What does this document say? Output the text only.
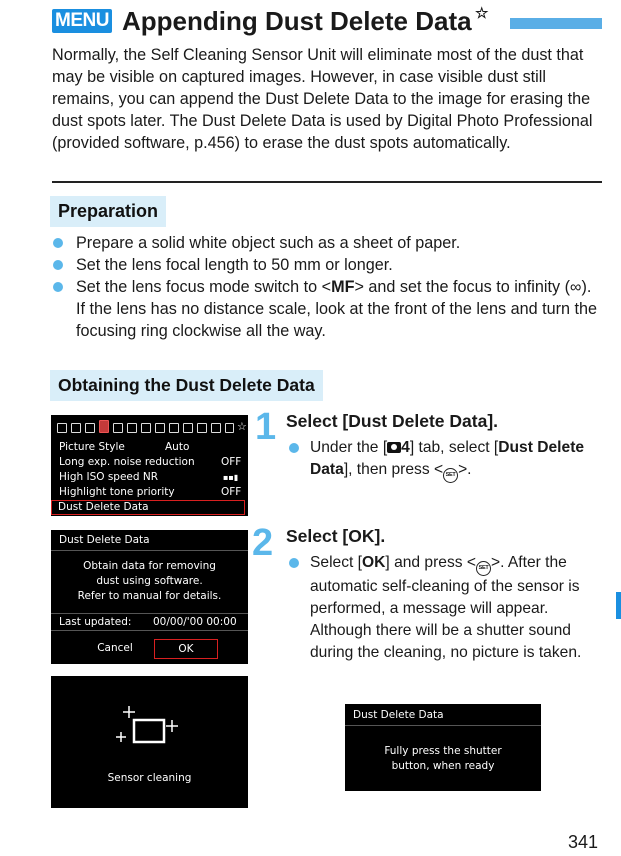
MENU Appending Dust Delete Data ☆

Normally, the Self Cleaning Sensor Unit will eliminate most of the dust that may be visible on captured images. However, in case visible dust still remains, you can append the Dust Delete Data to the image for erasing the dust spots later. The Dust Delete Data is used by Digital Photo Professional (provided software, p.456) to erase the dust spots automatically.

Preparation
Prepare a solid white object such as a sheet of paper.
Set the lens focal length to 50 mm or longer.
Set the lens focus mode switch to <MF> and set the focus to infinity (∞). If the lens has no distance scale, look at the front of the lens and turn the focusing ring clockwise all the way.
Obtaining the Dust Delete Data
☆
Picture Style	Auto
Long exp. noise reduction	OFF
High ISO speed NR	▪▪▮
Highlight tone priority	OFF
Dust Delete Data
1 Select [Dust Delete Data].
Under the [ 4] tab, select [Dust Delete Data], then press < SET >.
Dust Delete Data
Obtain data for removing
dust using software.
Refer to manual for details.
Last updated: 00/00/'00 00:00
Cancel	OK
2 Select [OK].
Select [OK] and press < SET >. After the automatic self-cleaning of the sensor is performed, a message will appear. Although there will be a shutter sound during the cleaning, no picture is taken.
Sensor cleaning
Dust Delete Data
Fully press the shutter
button, when ready
341
